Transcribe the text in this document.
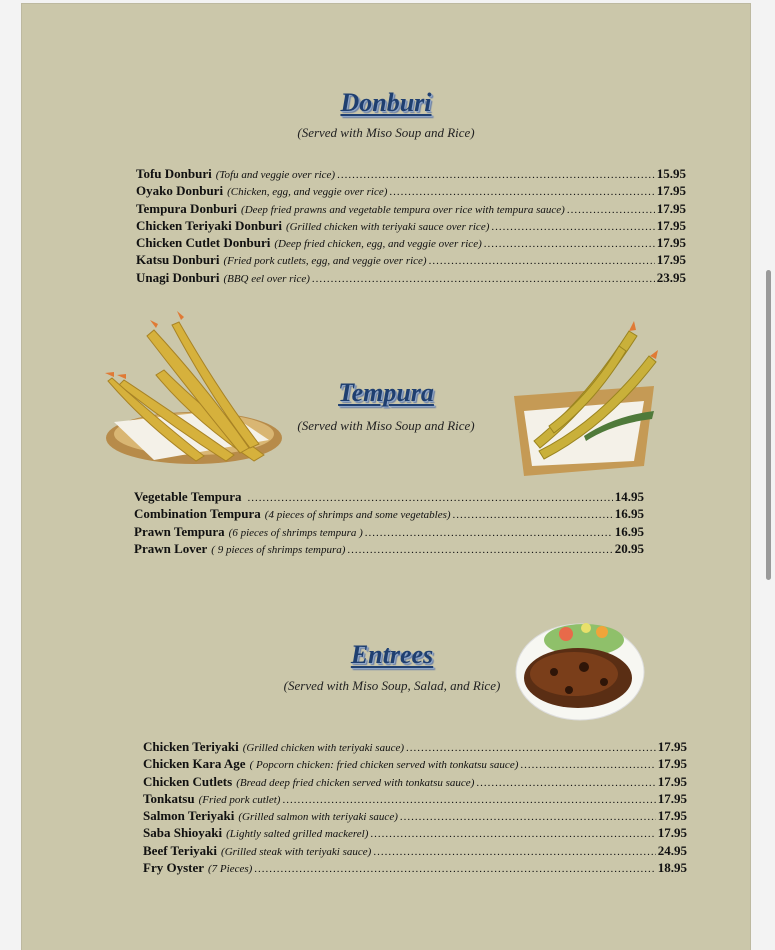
Donburi
(Served with Miso Soup and Rice)
• Tofu Donburi (Tofu and veggie over rice) .....	15.95
• Oyako Donburi (Chicken, egg, and veggie over rice) .....	17.95
• Tempura Donburi (Deep fried prawns and vegetable tempura over rice with tempura sauce) .....	17.95
• Chicken Teriyaki Donburi (Grilled chicken with teriyaki sauce over rice) .....	17.95
• Chicken Cutlet Donburi (Deep fried chicken, egg, and veggie over rice) .....	17.95
• Katsu Donburi (Fried pork cutlets, egg, and veggie over rice) .....	17.95
• Unagi Donburi (BBQ eel over rice) .....	23.95
Tempura
(Served with Miso Soup and Rice)
• Vegetable Tempura .....	14.95
• Combination Tempura (4 pieces of shrimps and some vegetables) .....	16.95
• Prawn Tempura (6 pieces of shrimps tempura ) .....	16.95
• Prawn Lover ( 9 pieces of shrimps tempura) .....	20.95
Entrees
(Served with Miso Soup, Salad, and Rice)
• Chicken Teriyaki (Grilled chicken with teriyaki sauce) .....	17.95
• Chicken Kara Age ( Popcorn chicken: fried chicken served with tonkatsu sauce) .....	17.95
• Chicken Cutlets (Bread deep fried chicken served with tonkatsu sauce) .....	17.95
• Tonkatsu (Fried pork cutlet) .....	17.95
• Salmon Teriyaki (Grilled salmon with teriyaki sauce) .....	17.95
• Saba Shioyaki (Lightly salted grilled mackerel) .....	17.95
• Beef Teriyaki (Grilled steak with teriyaki sauce) .....	24.95
• Fry Oyster (7 Pieces) .....	18.95
